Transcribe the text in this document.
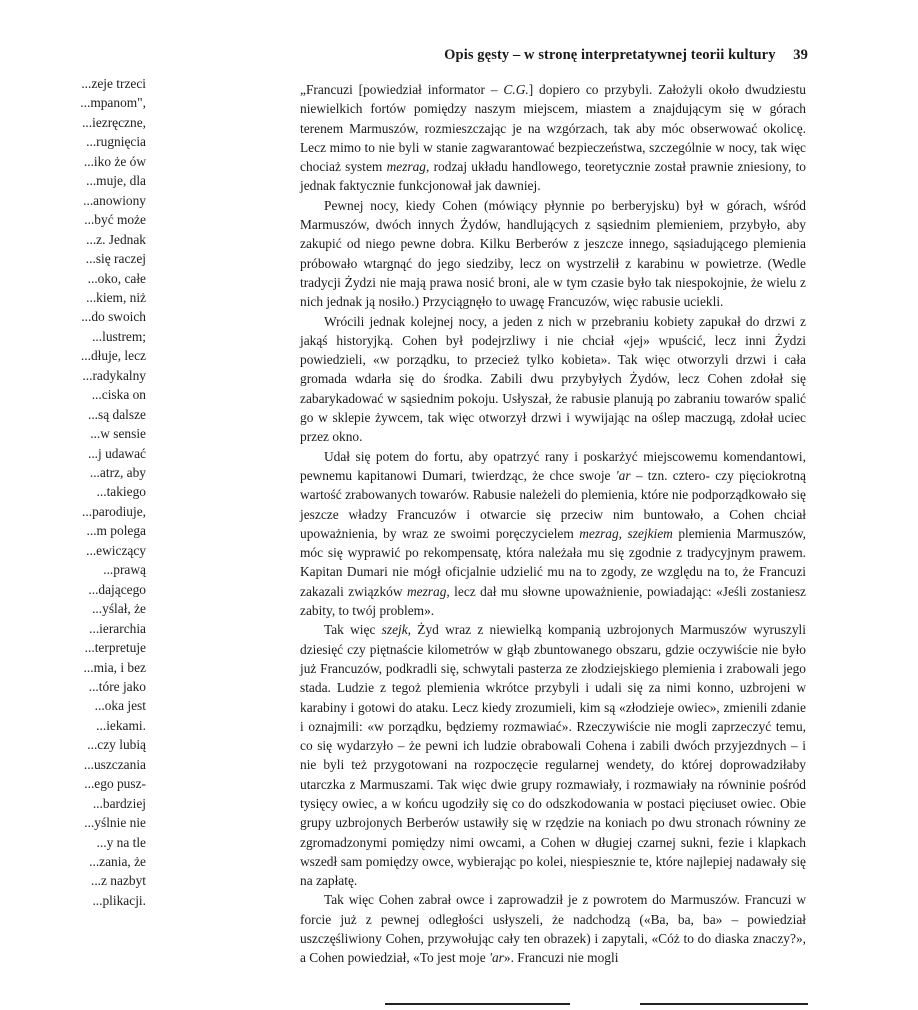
Opis gęsty – w stronę interpretatywnej teorii kultury 39
...zeje trzeci
...mpanom",
...iezręczne,
...rugnięcia
...iko że ów
...muje, dla
...anowiony
...być może
...z. Jednak
...się raczej
...oko, całe
...kiem, niż
...do swoich
...lustrem;
...dłuje, lecz
...radykalny
...ciska on
...są dalsze
...w sensie
...j udawać
...atrz, aby
...takiego
...parodiuje,
...m polega
...ewiczący
...prawą
...dającego
...yślał, że
...ierarchia
...terpretuje
...mia, i bez
...tóre jako
...oka jest
...iekami.
...czy lubią
...uszczania
...ego pusz-
...bardziej
...yślnie nie
...y na tle
...zania, że
...z nazbyt
...plikacji.

„Francuzi [powiedział informator – C.G.] dopiero co przybyli. Założyli około dwudziestu niewielkich fortów pomiędzy naszym miejscem, miastem a znajdującym się w górach terenem Marmuszów, rozmieszczając je na wzgórzach, tak aby móc obserwować okolicę. Lecz mimo to nie byli w stanie zagwarantować bezpieczeństwa, szczególnie w nocy, tak więc chociaż system mezrag, rodzaj układu handlowego, teoretycznie został prawnie zniesiony, to jednak faktycznie funkcjonował jak dawniej.

Pewnej nocy, kiedy Cohen (mówiący płynnie po berberyjsku) był w górach, wśród Marmuszów, dwóch innych Żydów, handlujących z sąsiednim plemieniem, przybyło, aby zakupić od niego pewne dobra. Kilku Berberów z jeszcze innego, sąsiadującego plemienia próbowało wtargnąć do jego siedziby, lecz on wystrzelił z karabinu w powietrze. (Wedle tradycji Żydzi nie mają prawa nosić broni, ale w tym czasie było tak niespokojnie, że wielu z nich jednak ją nosiło.) Przyciągnęło to uwagę Francuzów, więc rabusie uciekli.

Wrócili jednak kolejnej nocy, a jeden z nich w przebraniu kobiety zapukał do drzwi z jakąś historyjką. Cohen był podejrzliwy i nie chciał «jej» wpuścić, lecz inni Żydzi powiedzieli, «w porządku, to przecież tylko kobieta». Tak więc otworzyli drzwi i cała gromada wdarła się do środka. Zabili dwu przybyłych Żydów, lecz Cohen zdołał się zabarykadować w sąsiednim pokoju. Usłyszał, że rabusie planują po zabraniu towarów spalić go w sklepie żywcem, tak więc otworzył drzwi i wywijając na oślep maczugą, zdołał uciec przez okno.

Udał się potem do fortu, aby opatrzyć rany i poskarżyć miejscowemu komendantowi, pewnemu kapitanowi Dumari, twierdząc, że chce swoje 'ar – tzn. cztero- czy pięciokrotną wartość zrabowanych towarów. Rabusie należeli do plemienia, które nie podporządkowało się jeszcze władzy Francuzów i otwarcie się przeciw nim buntowało, a Cohen chciał upoważnienia, by wraz ze swoimi poręczycielem mezrag, szejkiem plemienia Marmuszów, móc się wyprawić po rekompensatę, która należała mu się zgodnie z tradycyjnym prawem. Kapitan Dumari nie mógł oficjalnie udzielić mu na to zgody, ze względu na to, że Francuzi zakazali związków mezrag, lecz dał mu słowne upoważnienie, powiadając: «Jeśli zostaniesz zabity, to twój problem».

Tak więc szejk, Żyd wraz z niewielką kompanią uzbrojonych Marmuszów wyruszyli dziesięć czy piętnaście kilometrów w głąb zbuntowanego obszaru, gdzie oczywiście nie było już Francuzów, podkradli się, schwytali pasterza ze złodziejskiego plemienia i zrabowali jego stada. Ludzie z tegoż plemienia wkrótce przybyli i udali się za nimi konno, uzbrojeni w karabiny i gotowi do ataku. Lecz kiedy zrozumieli, kim są «złodzieje owiec», zmienili zdanie i oznajmili: «w porządku, będziemy rozmawiać». Rzeczywiście nie mogli zaprzeczyć temu, co się wydarzyło – że pewni ich ludzie obrabowali Cohena i zabili dwóch przyjezdnych – i nie byli też przygotowani na rozpoczęcie regularnej wendety, do której doprowadziłaby utarczka z Marmuszami. Tak więc dwie grupy rozmawiały, i rozmawiały na równinie pośród tysięcy owiec, a w końcu ugodziły się co do odszkodowania w postaci pięciuset owiec. Obie grupy uzbrojonych Berberów ustawiły się w rzędzie na koniach po dwu stronach równiny ze zgromadzonymi pomiędzy nimi owcami, a Cohen w długiej czarnej sukni, fezie i klapkach wszedł sam pomiędzy owce, wybierając po kolei, niespiesznie te, które najlepiej nadawały się na zapłatę.

Tak więc Cohen zabrał owce i zaprowadził je z powrotem do Marmuszów. Francuzi w forcie już z pewnej odległości usłyszeli, że nadchodzą («Ba, ba, ba» – powiedział uszczęśliwiony Cohen, przywołując cały ten obrazek) i zapytali, «Cóż to do diaska znaczy?», a Cohen powiedział, «To jest moje 'ar». Francuzi nie mogli
